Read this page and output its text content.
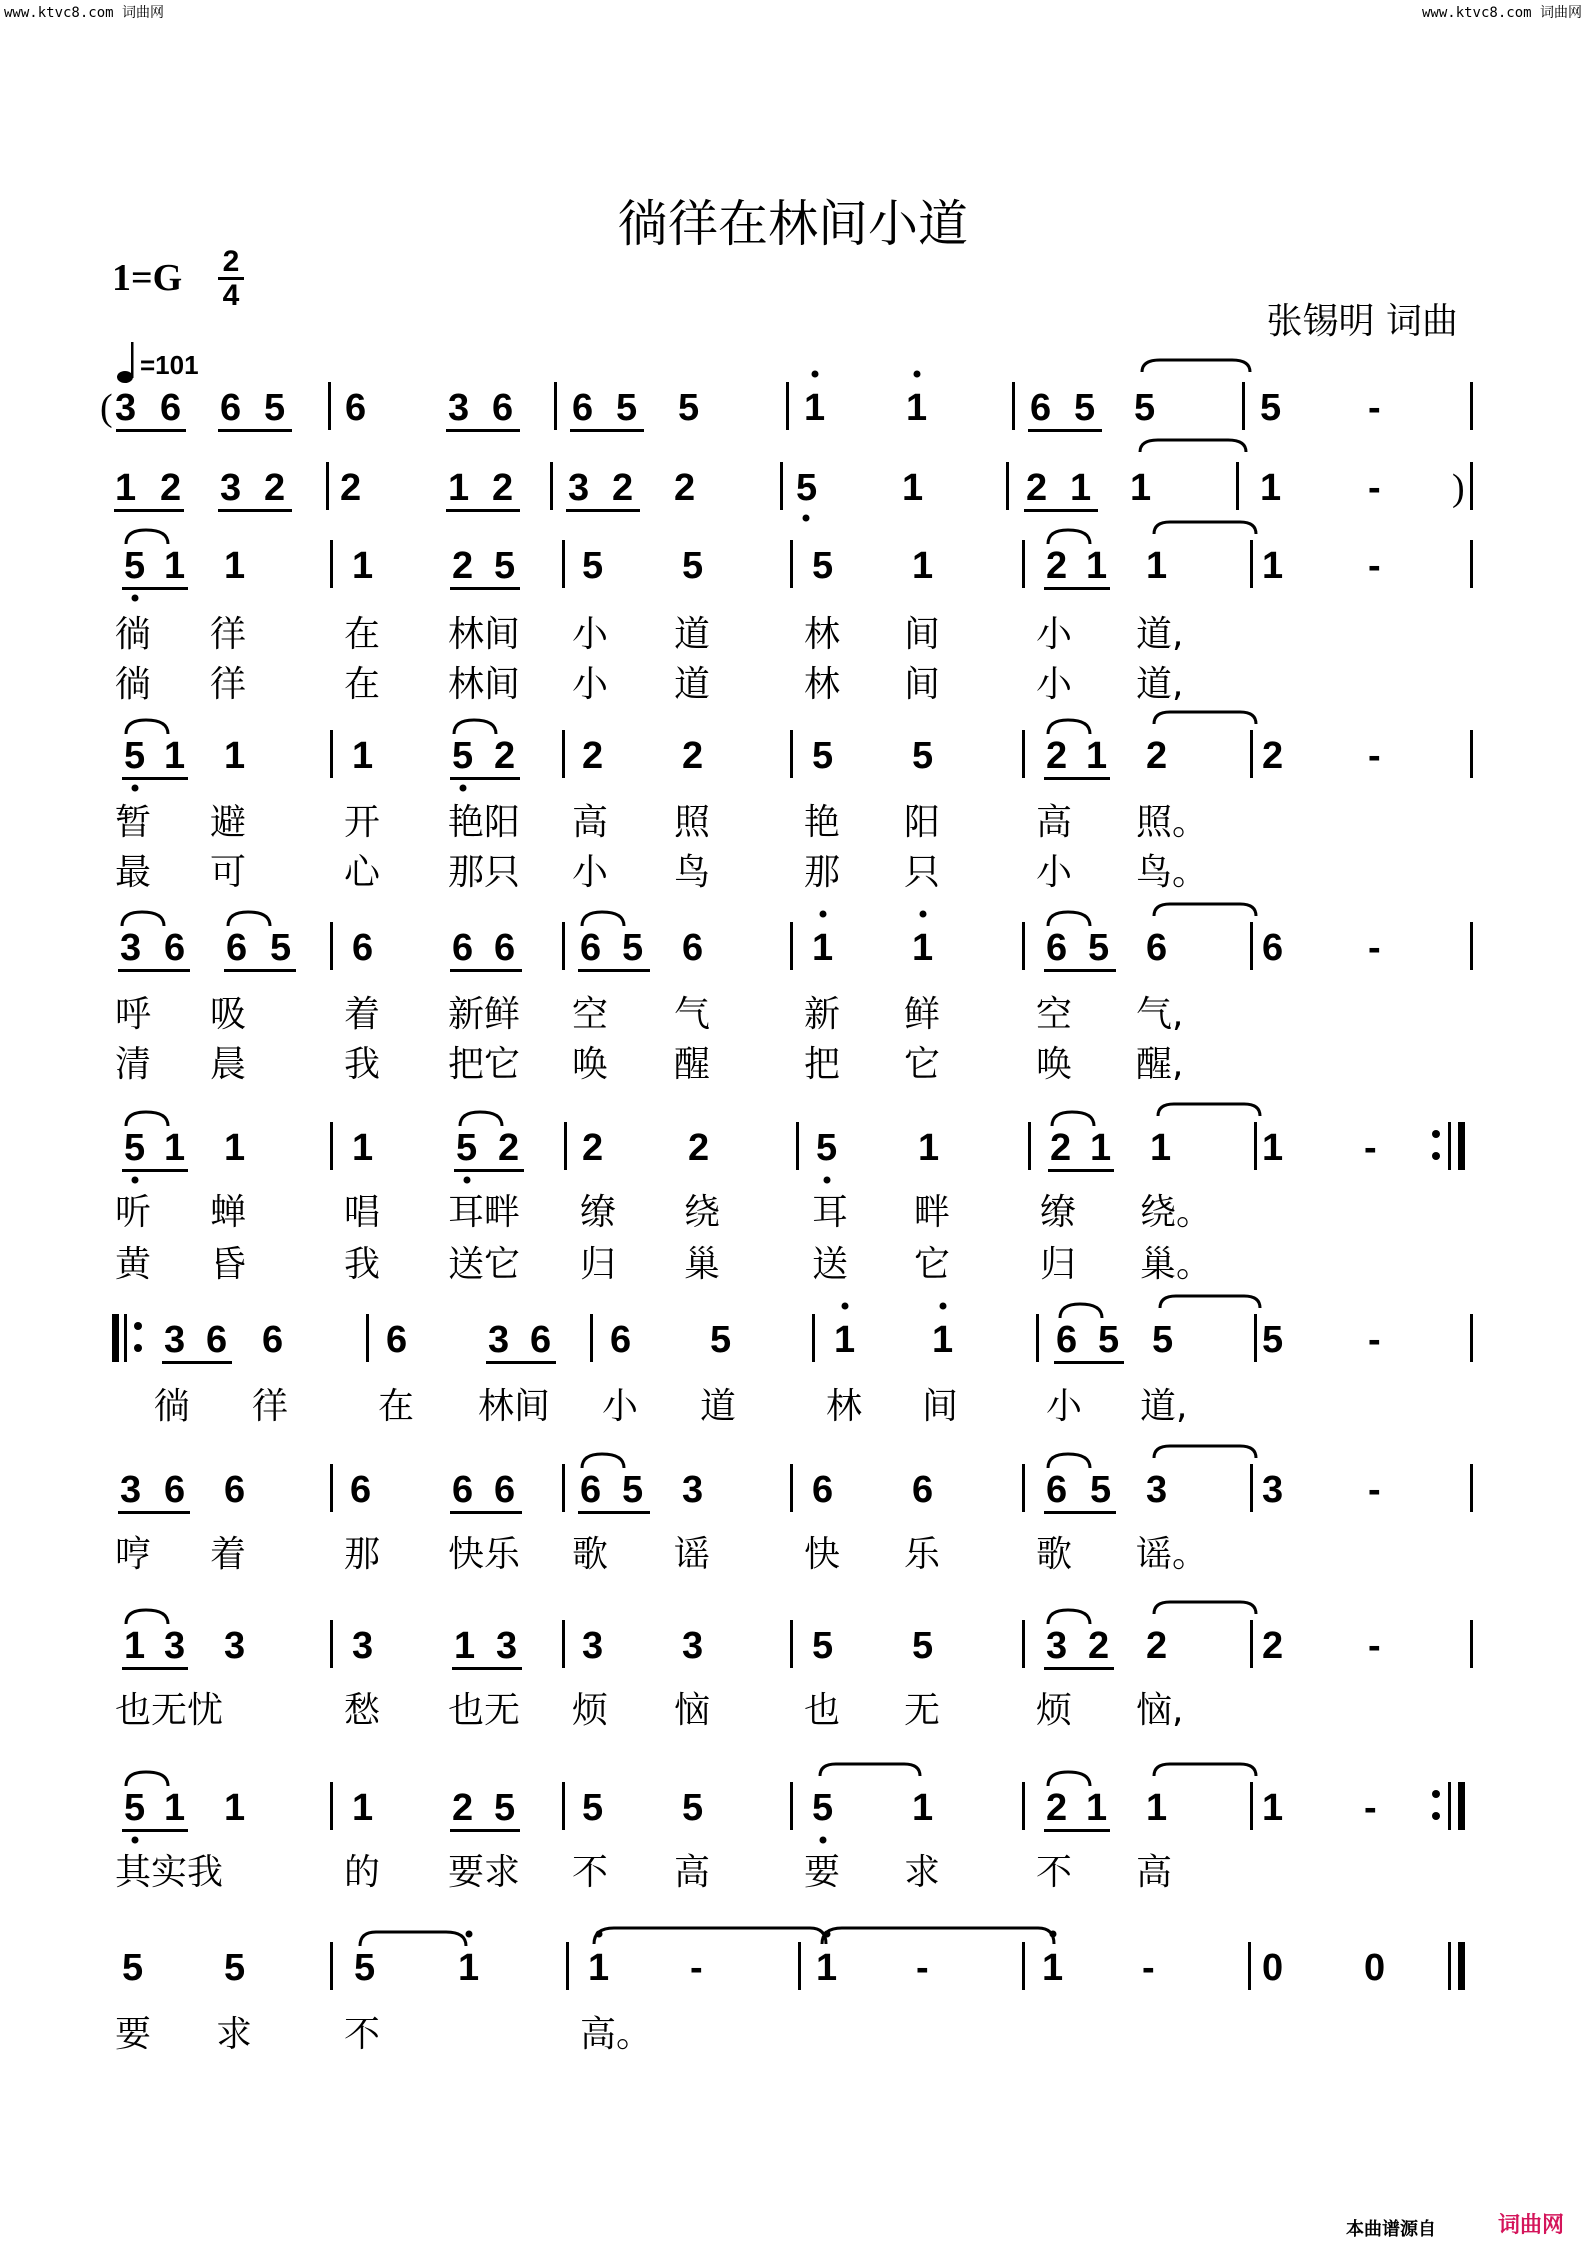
www.ktvc8.com 词曲网	www.ktvc8.com 词曲网
徜徉在林间小道
1=G 2
4
=101
张锡明 词曲
( 3 6 6 5 6 3 6 6 5 5	1 1	6 5 5	5 -
1 2 3 2 2 1 2 3 2 2	5 1	2 1 1	1 - )
5 1 1	1 2 5 5 5	5 1	2 1 1 1 -
徜 徉	在 林间 小 道	林 间	小 道,
徜 徉	在 林间 小 道	林 间	小 道,
5 1 1	1 5 2 2 2	5 5	2 1 2 2 -
暂 避	开 艳阳 高 照	艳 阳	高 照。
最 可	心 那只 小 鸟	那 只	小 鸟。
3 6 6 5 6 6 6 6 5 6	1 1	6 5 6 6 -
呼 吸	着 新鲜 空 气	新 鲜	空 气,
清 晨	我 把它 唤 醒	把 它	唤 醒,
5 1 1	1 5 2 2 2	5 1	2 1 1 1 -
听 蝉	唱 耳畔 缭 绕	耳 畔 缭 绕。
黄 昏	我 送它 归 巢	送 它 归 巢。
3 6 6	6 3 6 6 5	1 1	6 5 5 5 -
徜 徉 在 林间 小 道 林 间 小 道,
3 6 6	6 6 6 6 5 3	6 6	6 5 3 3 -
哼 着	那 快乐 歌 谣	快 乐	歌 谣。
1 3 3	3 1 3 3 3	5 5	3 2 2 2 -
也无忧	愁 也无 烦 恼	也 无	烦 恼,
5 1 1	1 2 5 5 5	5 1	2 1 1 1 -
其实我	的 要求 不 高	要 求	不 高
5 5	5 1	1 -	1 -	1 -	0 0
要 求	不	高。
本曲谱源自	词曲网
